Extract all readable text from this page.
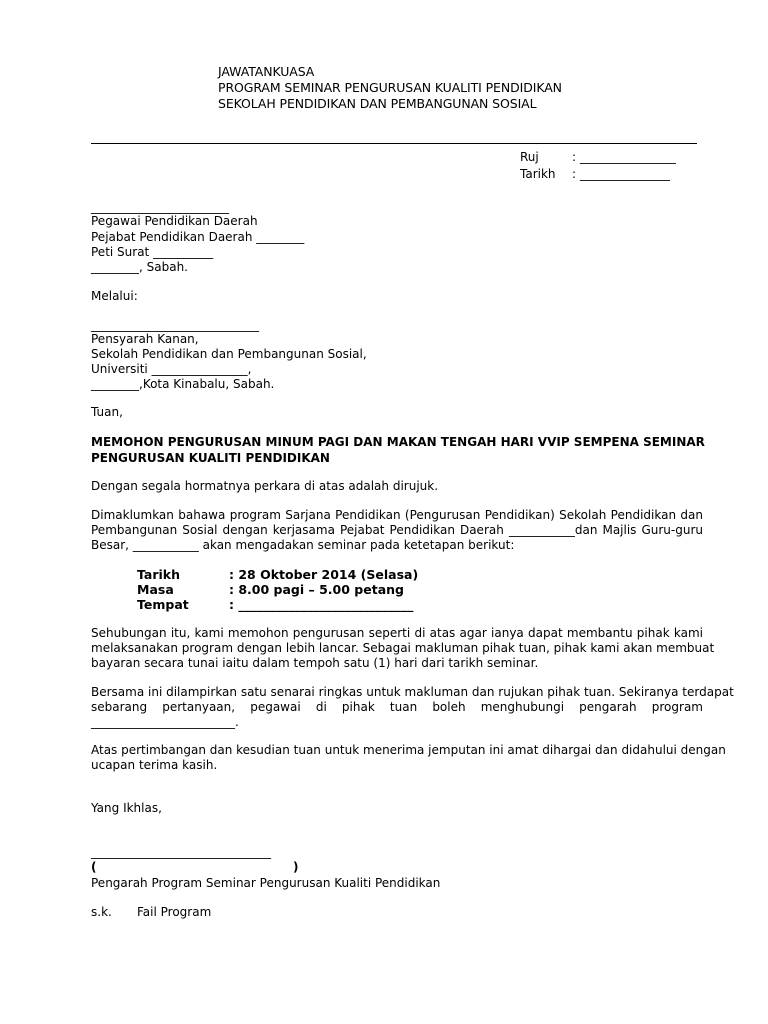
JAWATANKUASA
PROGRAM SEMINAR PENGURUSAN KUALITI PENDIDIKAN
SEKOLAH PENDIDIKAN DAN PEMBANGUNAN SOSIAL
Ruj	: ________________
Tarikh : _______________
_______________________
Pegawai Pendidikan Daerah
Pejabat Pendidikan Daerah ________
Peti Surat __________
________, Sabah.
Melalui:
____________________________
Pensyarah Kanan,
Sekolah Pendidikan dan Pembangunan Sosial,
Universiti ________________,
________,Kota Kinabalu, Sabah.
Tuan,
MEMOHON PENGURUSAN MINUM PAGI DAN MAKAN TENGAH HARI VVIP SEMPENA SEMINAR
PENGURUSAN KUALITI PENDIDIKAN
Dengan segala hormatnya perkara di atas adalah dirujuk.
Dimaklumkan bahawa program Sarjana Pendidikan (Pengurusan Pendidikan) Sekolah Pendidikan dan
Pembangunan Sosial dengan kerjasama Pejabat Pendidikan Daerah ___________dan Majlis Guru-guru
Besar, ___________ akan mengadakan seminar pada ketetapan berikut:
Tarikh	: 28 Oktober 2014 (Selasa)
Masa	: 8.00 pagi – 5.00 petang
Tempat	: ____________________________
Sehubungan itu, kami memohon pengurusan seperti di atas agar ianya dapat membantu pihak kami
melaksanakan program dengan lebih lancar. Sebagai makluman pihak tuan, pihak kami akan membuat
bayaran secara tunai iaitu dalam tempoh satu (1) hari dari tarikh seminar.
Bersama ini dilampirkan satu senarai ringkas untuk makluman dan rujukan pihak tuan. Sekiranya terdapat
sebarang pertanyaan, pegawai di pihak tuan boleh menghubungi pengarah program
________________________.
Atas pertimbangan dan kesudian tuan untuk menerima jemputan ini amat dihargai dan didahului dengan
ucapan terima kasih.
Yang Ikhlas,
______________________________
(	)
Pengarah Program Seminar Pengurusan Kualiti Pendidikan
s.k. Fail Program
